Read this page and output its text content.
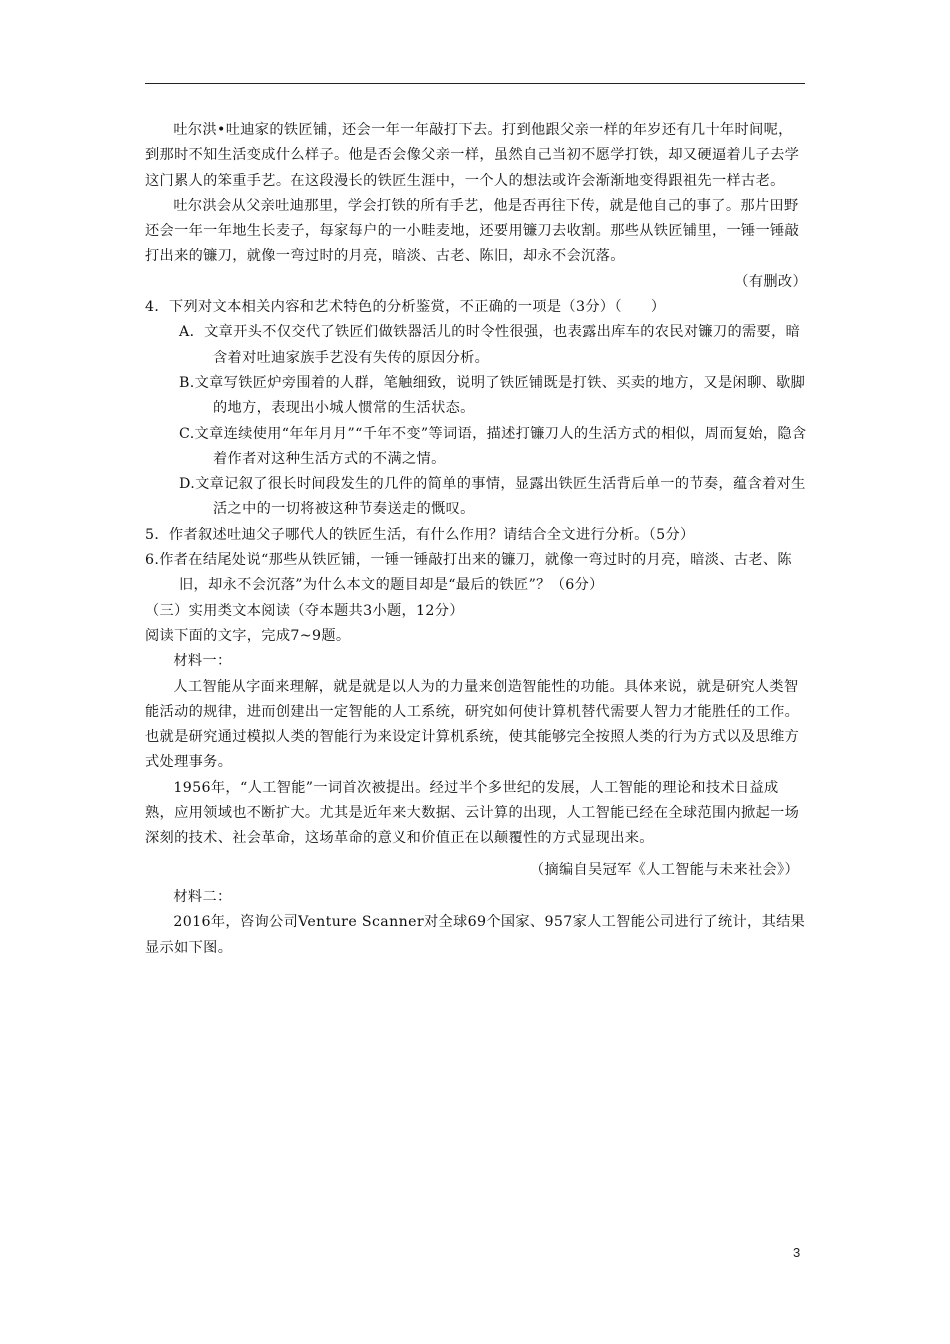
吐尔洪•吐迪家的铁匠铺，还会一年一年敲打下去。打到他跟父亲一样的年岁还有几十年时间呢，到那时不知生活变成什么样子。他是否会像父亲一样，虽然自己当初不愿学打铁，却又硬逼着儿子去学这门累人的笨重手艺。在这段漫长的铁匠生涯中，一个人的想法或许会渐渐地变得跟祖先一样古老。

吐尔洪会从父亲吐迪那里，学会打铁的所有手艺，他是否再往下传，就是他自己的事了。那片田野还会一年一年地生长麦子，每家每户的一小畦麦地，还要用镰刀去收割。那些从铁匠铺里，一锤一锤敲打出来的镰刀，就像一弯过时的月亮，暗淡、古老、陈旧，却永不会沉落。

（有删改）

4．下列对文本相关内容和艺术特色的分析鉴赏，不正确的一项是（3分）（　　）

A．文章开头不仅交代了铁匠们做铁器活儿的时令性很强，也表露出库车的农民对镰刀的需要，暗含着对吐迪家族手艺没有失传的原因分析。

B.文章写铁匠炉旁围着的人群，笔触细致，说明了铁匠铺既是打铁、买卖的地方，又是闲聊、歇脚的地方，表现出小城人惯常的生活状态。

C.文章连续使用“年年月月”“千年不变”等词语，描述打镰刀人的生活方式的相似，周而复始，隐含着作者对这种生活方式的不满之情。

D.文章记叙了很长时间段发生的几件的简单的事情，显露出铁匠生活背后单一的节奏，蕴含着对生活之中的一切将被这种节奏送走的慨叹。

5．作者叙述吐迪父子哪代人的铁匠生活，有什么作用？请结合全文进行分析。（5分）

6.作者在结尾处说“那些从铁匠铺，一锤一锤敲打出来的镰刀，就像一弯过时的月亮，暗淡、古老、陈旧，却永不会沉落”为什么本文的题目却是“最后的铁匠”？（6分）

（三）实用类文本阅读（夺本题共3小题，12分）

阅读下面的文字，完成7~9题。

材料一：

人工智能从字面来理解，就是就是以人为的力量来创造智能性的功能。具体来说，就是研究人类智能活动的规律，进而创建出一定智能的人工系统，研究如何使计算机替代需要人智力才能胜任的工作。也就是研究通过模拟人类的智能行为来设定计算机系统，使其能够完全按照人类的行为方式以及思维方式处理事务。

1956年，“人工智能”一词首次被提出。经过半个多世纪的发展，人工智能的理论和技术日益成熟，应用领域也不断扩大。尤其是近年来大数据、云计算的出现，人工智能已经在全球范围内掀起一场深刻的技术、社会革命，这场革命的意义和价值正在以颠覆性的方式显现出来。

（摘编自吴冠军《人工智能与未来社会》）

材料二：

2016年，咨询公司Venture Scanner对全球69个国家、957家人工智能公司进行了统计，其结果显示如下图。

3
